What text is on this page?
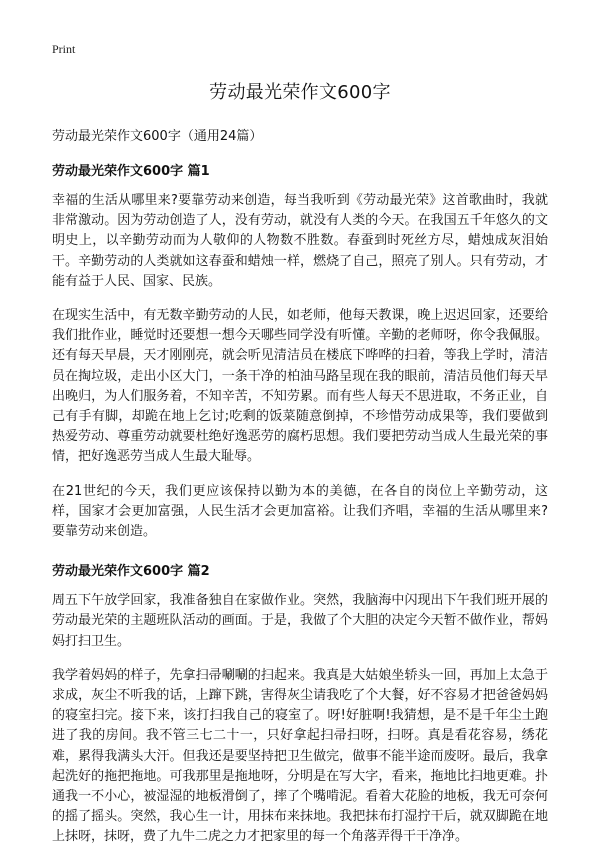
Print
劳动最光荣作文600字

劳动最光荣作文600字（通用24篇）

劳动最光荣作文600字 篇1

幸福的生活从哪里来?要靠劳动来创造，每当我听到《劳动最光荣》这首歌曲时，我就非常激动。因为劳动创造了人，没有劳动，就没有人类的今天。在我国五千年悠久的文明史上，以辛勤劳动而为人敬仰的人物数不胜数。春蚕到时死丝方尽，蜡烛成灰泪始干。辛勤劳动的人类就如这春蚕和蜡烛一样，燃烧了自己，照亮了别人。只有劳动，才能有益于人民、国家、民族。

在现实生活中，有无数辛勤劳动的人民，如老师，他每天教课，晚上迟迟回家，还要给我们批作业，睡觉时还要想一想今天哪些同学没有听懂。辛勤的老师呀，你令我佩服。还有每天早晨，天才刚刚亮，就会听见清洁员在楼底下哗哗的扫着，等我上学时，清洁员在掏垃圾，走出小区大门，一条干净的柏油马路呈现在我的眼前，清洁员他们每天早出晚归，为人们服务着，不知辛苦，不知劳累。而有些人每天不思进取，不务正业，自己有手有脚，却跪在地上乞讨;吃剩的饭菜随意倒掉，不珍惜劳动成果等，我们要做到热爱劳动、尊重劳动就要杜绝好逸恶劳的腐朽思想。我们要把劳动当成人生最光荣的事情，把好逸恶劳当成人生最大耻辱。

在21世纪的今天，我们更应该保持以勤为本的美德，在各自的岗位上辛勤劳动，这样，国家才会更加富强，人民生活才会更加富裕。让我们齐唱，幸福的生活从哪里来?要靠劳动来创造。

劳动最光荣作文600字 篇2

周五下午放学回家，我准备独自在家做作业。突然，我脑海中闪现出下午我们班开展的劳动最光荣的主题班队活动的画面。于是，我做了个大胆的决定今天暂不做作业，帮妈妈打扫卫生。

我学着妈妈的样子，先拿扫帚唰唰的扫起来。我真是大姑娘坐轿头一回，再加上太急于求成，灰尘不听我的话，上蹿下跳，害得灰尘请我吃了个大餐，好不容易才把爸爸妈妈的寝室扫完。接下来，该打扫我自己的寝室了。呀!好脏啊!我猜想，是不是千年尘土跑进了我的房间。我不管三七二十一，只好拿起扫帚扫呀，扫呀。真是看花容易，绣花难，累得我满头大汗。但我还是要坚持把卫生做完，做事不能半途而废呀。最后，我拿起洗好的拖把拖地。可我那里是拖地呀，分明是在写大字，看来，拖地比扫地更难。扑通我一不小心，被湿湿的地板滑倒了，摔了个嘴啃泥。看着大花脸的地板，我无可奈何的摇了摇头。突然，我心生一计，用抹布来抹地。我把抹布打湿拧干后，就双脚跪在地上抹呀，抹呀，费了九牛二虎之力才把家里的每一个角落弄得干干净净。
